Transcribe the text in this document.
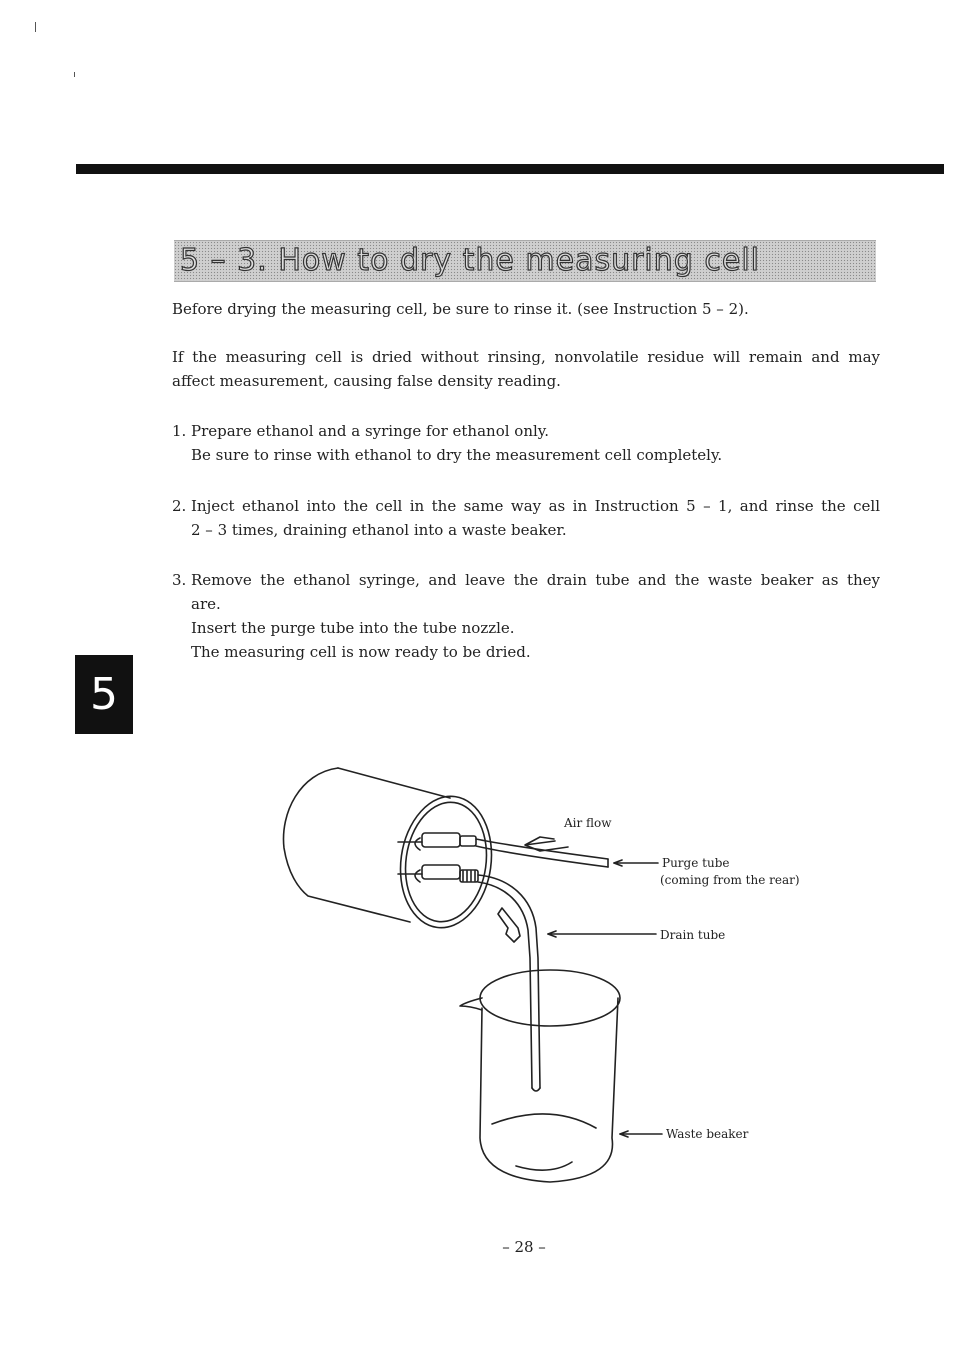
5 – 3. How to dry the measuring cell

Before drying the measuring cell, be sure to rinse it. (see Instruction 5 – 2).

If the measuring cell is dried without rinsing, nonvolatile residue will remain and may
affect measurement, causing false density reading.
1. Prepare ethanol and a syringe for ethanol only.
Be sure to rinse with ethanol to dry the measurement cell completely.
2. Inject ethanol into the cell in the same way as in Instruction 5 – 1, and rinse the cell
2 – 3 times, draining ethanol into a waste beaker.
3. Remove the ethanol syringe, and leave the drain tube and the waste beaker as they
are.
Insert the purge tube into the tube nozzle.
The measuring cell is now ready to be dried.
5
Air flow
Purge tube
(coming from the rear)
Drain tube
Waste beaker
– 28 –
